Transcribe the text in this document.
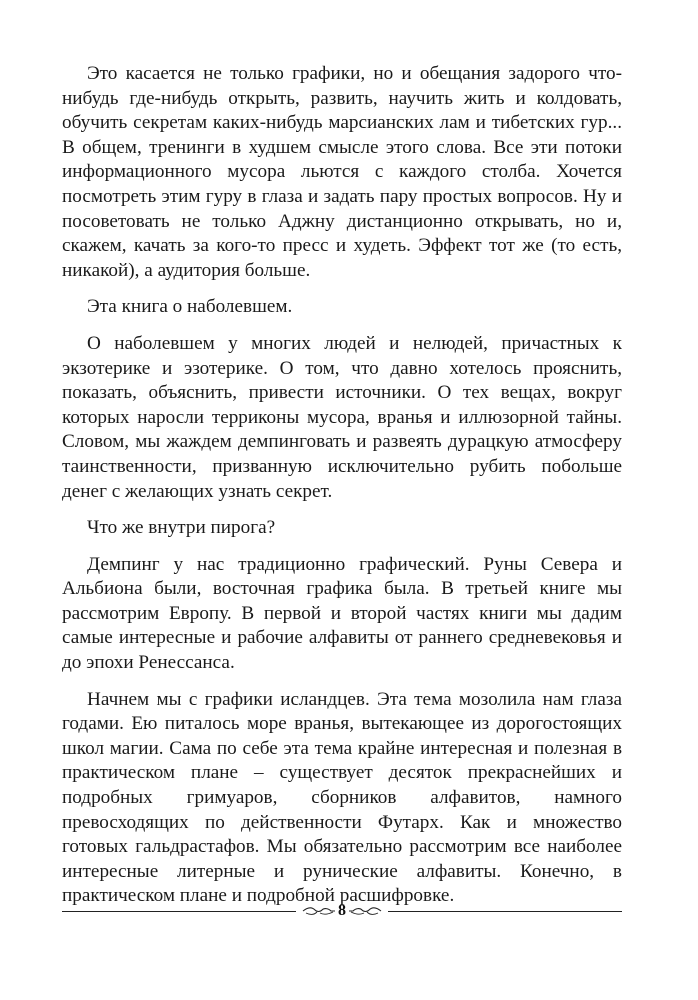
Это касается не только графики, но и обещания задорого что-нибудь где-нибудь открыть, развить, научить жить и колдовать, обучить секретам каких-нибудь марсианских лам и тибетских гур... В общем, тренинги в худшем смысле этого слова. Все эти потоки информационного мусора льются с каждого столба. Хочется посмотреть этим гуру в глаза и задать пару простых вопросов. Ну и посоветовать не только Аджну дистанционно открывать, но и, скажем, качать за кого-то пресс и худеть. Эффект тот же (то есть, никакой), а аудитория больше.

Эта книга о наболевшем.

О наболевшем у многих людей и нелюдей, причастных к экзотерике и эзотерике. О том, что давно хотелось прояснить, показать, объяснить, привести источники. О тех вещах, вокруг которых наросли терриконы мусора, вранья и иллюзорной тайны. Словом, мы жаждем демпинговать и развеять дурацкую атмосферу таинственности, призванную исключительно рубить побольше денег с желающих узнать секрет.

Что же внутри пирога?

Демпинг у нас традиционно графический. Руны Севера и Альбиона были, восточная графика была. В третьей книге мы рассмотрим Европу. В первой и второй частях книги мы дадим самые интересные и рабочие алфавиты от раннего средневековья и до эпохи Ренессанса.

Начнем мы с графики исландцев. Эта тема мозолила нам глаза годами. Ею питалось море вранья, вытекающее из дорогостоящих школ магии. Сама по себе эта тема крайне интересная и полезная в практическом плане – существует десяток прекраснейших и подробных гримуаров, сборников алфавитов, намного превосходящих по действенности Футарх. Как и множество готовых гальдрастафов. Мы обязательно рассмотрим все наиболее интересные литерные и рунические алфавиты. Конечно, в практическом плане и подробной расшифровке.

8
